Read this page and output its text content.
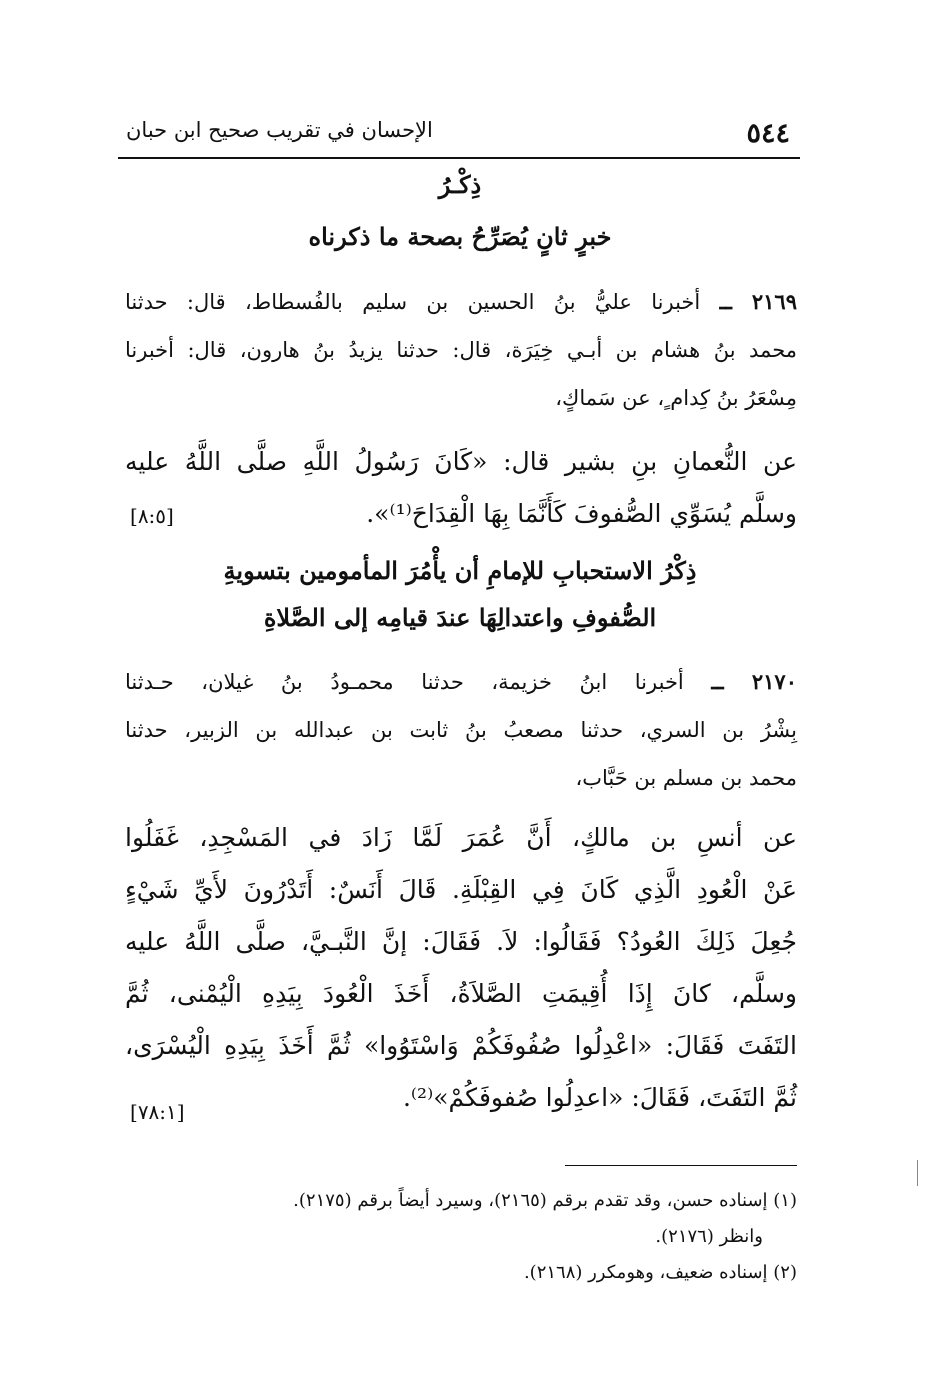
٥٤٤
الإحسان في تقريب صحيح ابن حبان
ذِكْـرُ
خبرٍ ثانٍ يُصَرِّحُ بصحة ما ذكرناه
٢١٦٩ ــ أخبرنا عليُّ بنُ الحسين بن سليم بالفُسطاط، قال: حدثنا
محمد بنُ هشام بن أبـي خِيَرَة، قال: حدثنا يزيدُ بنُ هارون، قال: أخبرنا
مِسْعَرُ بنُ كِدام ٍ، عن سَماكٍ،
عن النُّعمانِ بنِ بشير قال: «كَانَ رَسُولُ اللَّهِ صلَّى اللَّهُ عليه
وسلَّم يُسَوِّي الصُّفوفَ كَأَنَّمَا بِهَا الْقِدَاحَ⁽¹⁾».
[٨:٥]
ذِكْرُ الاستحبابِ للإمامِ أن يأْمُرَ المأمومين بتسويةِ
الصُّفوفِ واعتدالِهَا عندَ قيامِه إلى الصَّلاةِ
٢١٧٠ ــ أخبرنا ابنُ خزيمة، حدثنا محمـودُ بنُ غيلان، حـدثنا
بِشْرُ بن السري، حدثنا مصعبُ بنُ ثابت بن عبدالله بن الزبير، حدثنا
محمد بن مسلم بن حَبَّاب،
عن أنسِ بن مالكٍ، أَنَّ عُمَرَ لَمَّا زَادَ في المَسْجِدِ، غَفَلُوا
عَنْ الْعُودِ الَّذِي كَانَ فِي القِبْلَةِ. قَالَ أَنَسٌ: أَتَدْرُونَ لأَيِّ شَيْءٍ
جُعِلَ ذَلِكَ العُودُ؟ فَقَالُوا: لاَ. فَقَالَ: إنَّ النَّبـيَّ، صلَّى اللَّهُ عليه
وسلَّم، كانَ إِذَا أُقِيمَتِ الصَّلاَةُ، أَخَذَ الْعُودَ بِيَدِهِ الْيُمْنى، ثُمَّ
التَفَتَ فَقَالَ: «اعْدِلُوا صُفُوفَكُمْ وَاسْتَوُوا» ثُمَّ أَخَذَ بِيَدِهِ الْيُسْرَى،
ثُمَّ التَفَتَ، فَقَالَ: «اعدِلُوا صُفوفَكُمْ»⁽²⁾.
[٧٨:١]
(١) إسناده حسن، وقد تقدم برقم (٢١٦٥)، وسيرد أيضاً برقم (٢١٧٥).
وانظر (٢١٧٦).
(٢) إسناده ضعيف، وهومكرر (٢١٦٨).
